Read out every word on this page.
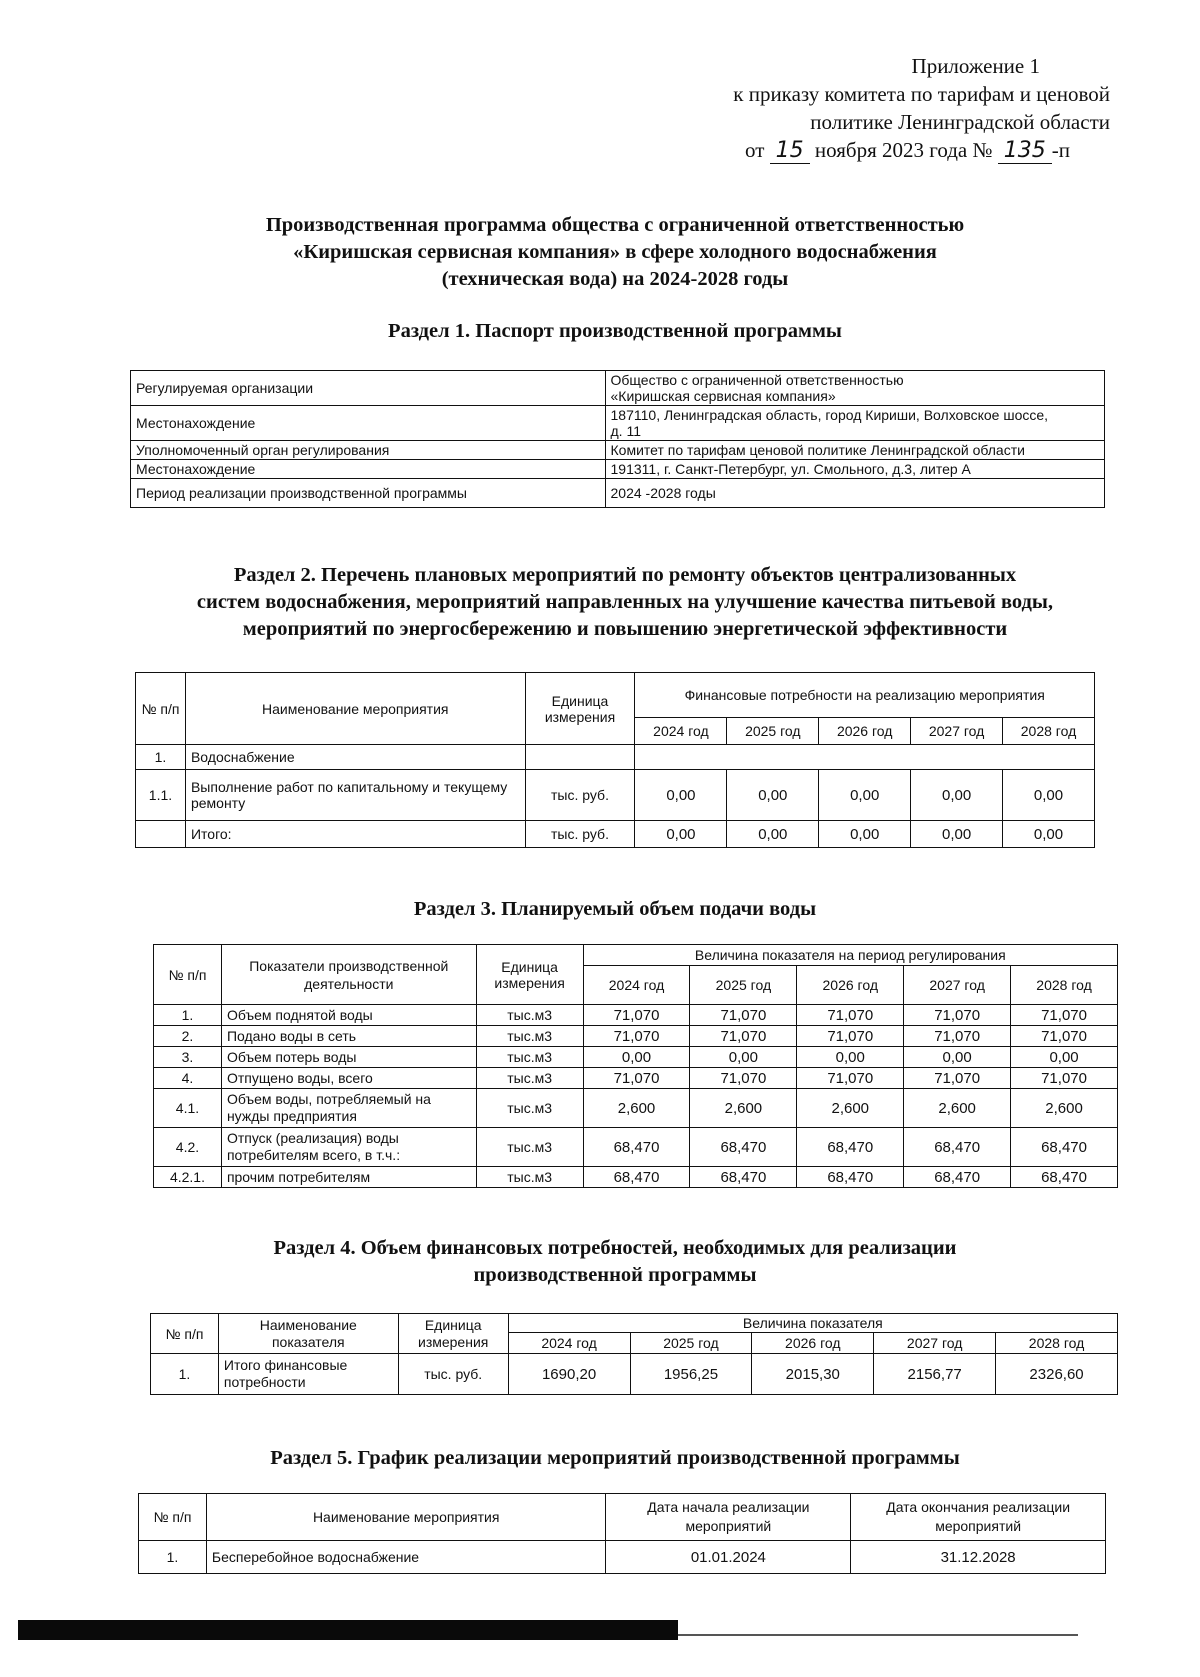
Приложение 1
к приказу комитета по тарифам и ценовой
политике Ленинградской области
от 15 ноября 2023 года № 135 -п
Производственная программа общества с ограниченной ответственностью
«Киришская сервисная компания» в сфере холодного водоснабжения
(техническая вода) на 2024-2028 годы
Раздел 1. Паспорт производственной программы
Регулируемая организации	Общество с ограниченной ответственностью
«Киришская сервисная компания»

Местонахождение	187110, Ленинградская область, город Кириши, Волховское шоссе,
д. 11

Уполномоченный орган регулирования	Комитет по тарифам ценовой политике Ленинградской области
Местонахождение	191311, г. Санкт-Петербург, ул. Смольного, д.3, литер А
Период реализации производственной программы	2024 -2028 годы
Раздел 2. Перечень плановых мероприятий по ремонту объектов централизованных
систем водоснабжения, мероприятий направленных на улучшение качества питьевой воды,
мероприятий по энергосбережению и повышению энергетической эффективности
№ п/п	Наименование мероприятия	Единица измерения	Финансовые потребности на реализацию мероприятия				
			2024 год	2025 год	2026 год	2027 год	2028 год
1.	Водоснабжение						
1.1.	Выполнение работ по капитальному и текущему ремонту	тыс. руб.	0,00	0,00	0,00	0,00	0,00
	Итого:	тыс. руб.	0,00	0,00	0,00	0,00	0,00
Раздел 3. Планируемый объем подачи воды
№ п/п	Показатели производственной деятельности	Единица измерения	Величина показателя на период регулирования				
			2024 год	2025 год	2026 год	2027 год	2028 год
1.	Объем поднятой воды	тыс.м3	71,070	71,070	71,070	71,070	71,070
2.	Подано воды в сеть	тыс.м3	71,070	71,070	71,070	71,070	71,070
3.	Объем потерь воды	тыс.м3	0,00	0,00	0,00	0,00	0,00
4.	Отпущено воды, всего	тыс.м3	71,070	71,070	71,070	71,070	71,070
4.1.	Объем воды, потребляемый на нужды предприятия	тыс.м3	2,600	2,600	2,600	2,600	2,600
4.2.	Отпуск (реализация) воды потребителям всего, в т.ч.:	тыс.м3	68,470	68,470	68,470	68,470	68,470
4.2.1.	прочим потребителям	тыс.м3	68,470	68,470	68,470	68,470	68,470
Раздел 4. Объем финансовых потребностей, необходимых для реализации
производственной программы
№ п/п	Наименование показателя	Единица измерения	Величина показателя				
			2024 год	2025 год	2026 год	2027 год	2028 год
1.	Итого финансовые потребности	тыс. руб.	1690,20	1956,25	2015,30	2156,77	2326,60
Раздел 5. График реализации мероприятий производственной программы
№ п/п	Наименование мероприятия	Дата начала реализации мероприятий	Дата окончания реализации мероприятий
1.	Бесперебойное водоснабжение	01.01.2024	31.12.2028
